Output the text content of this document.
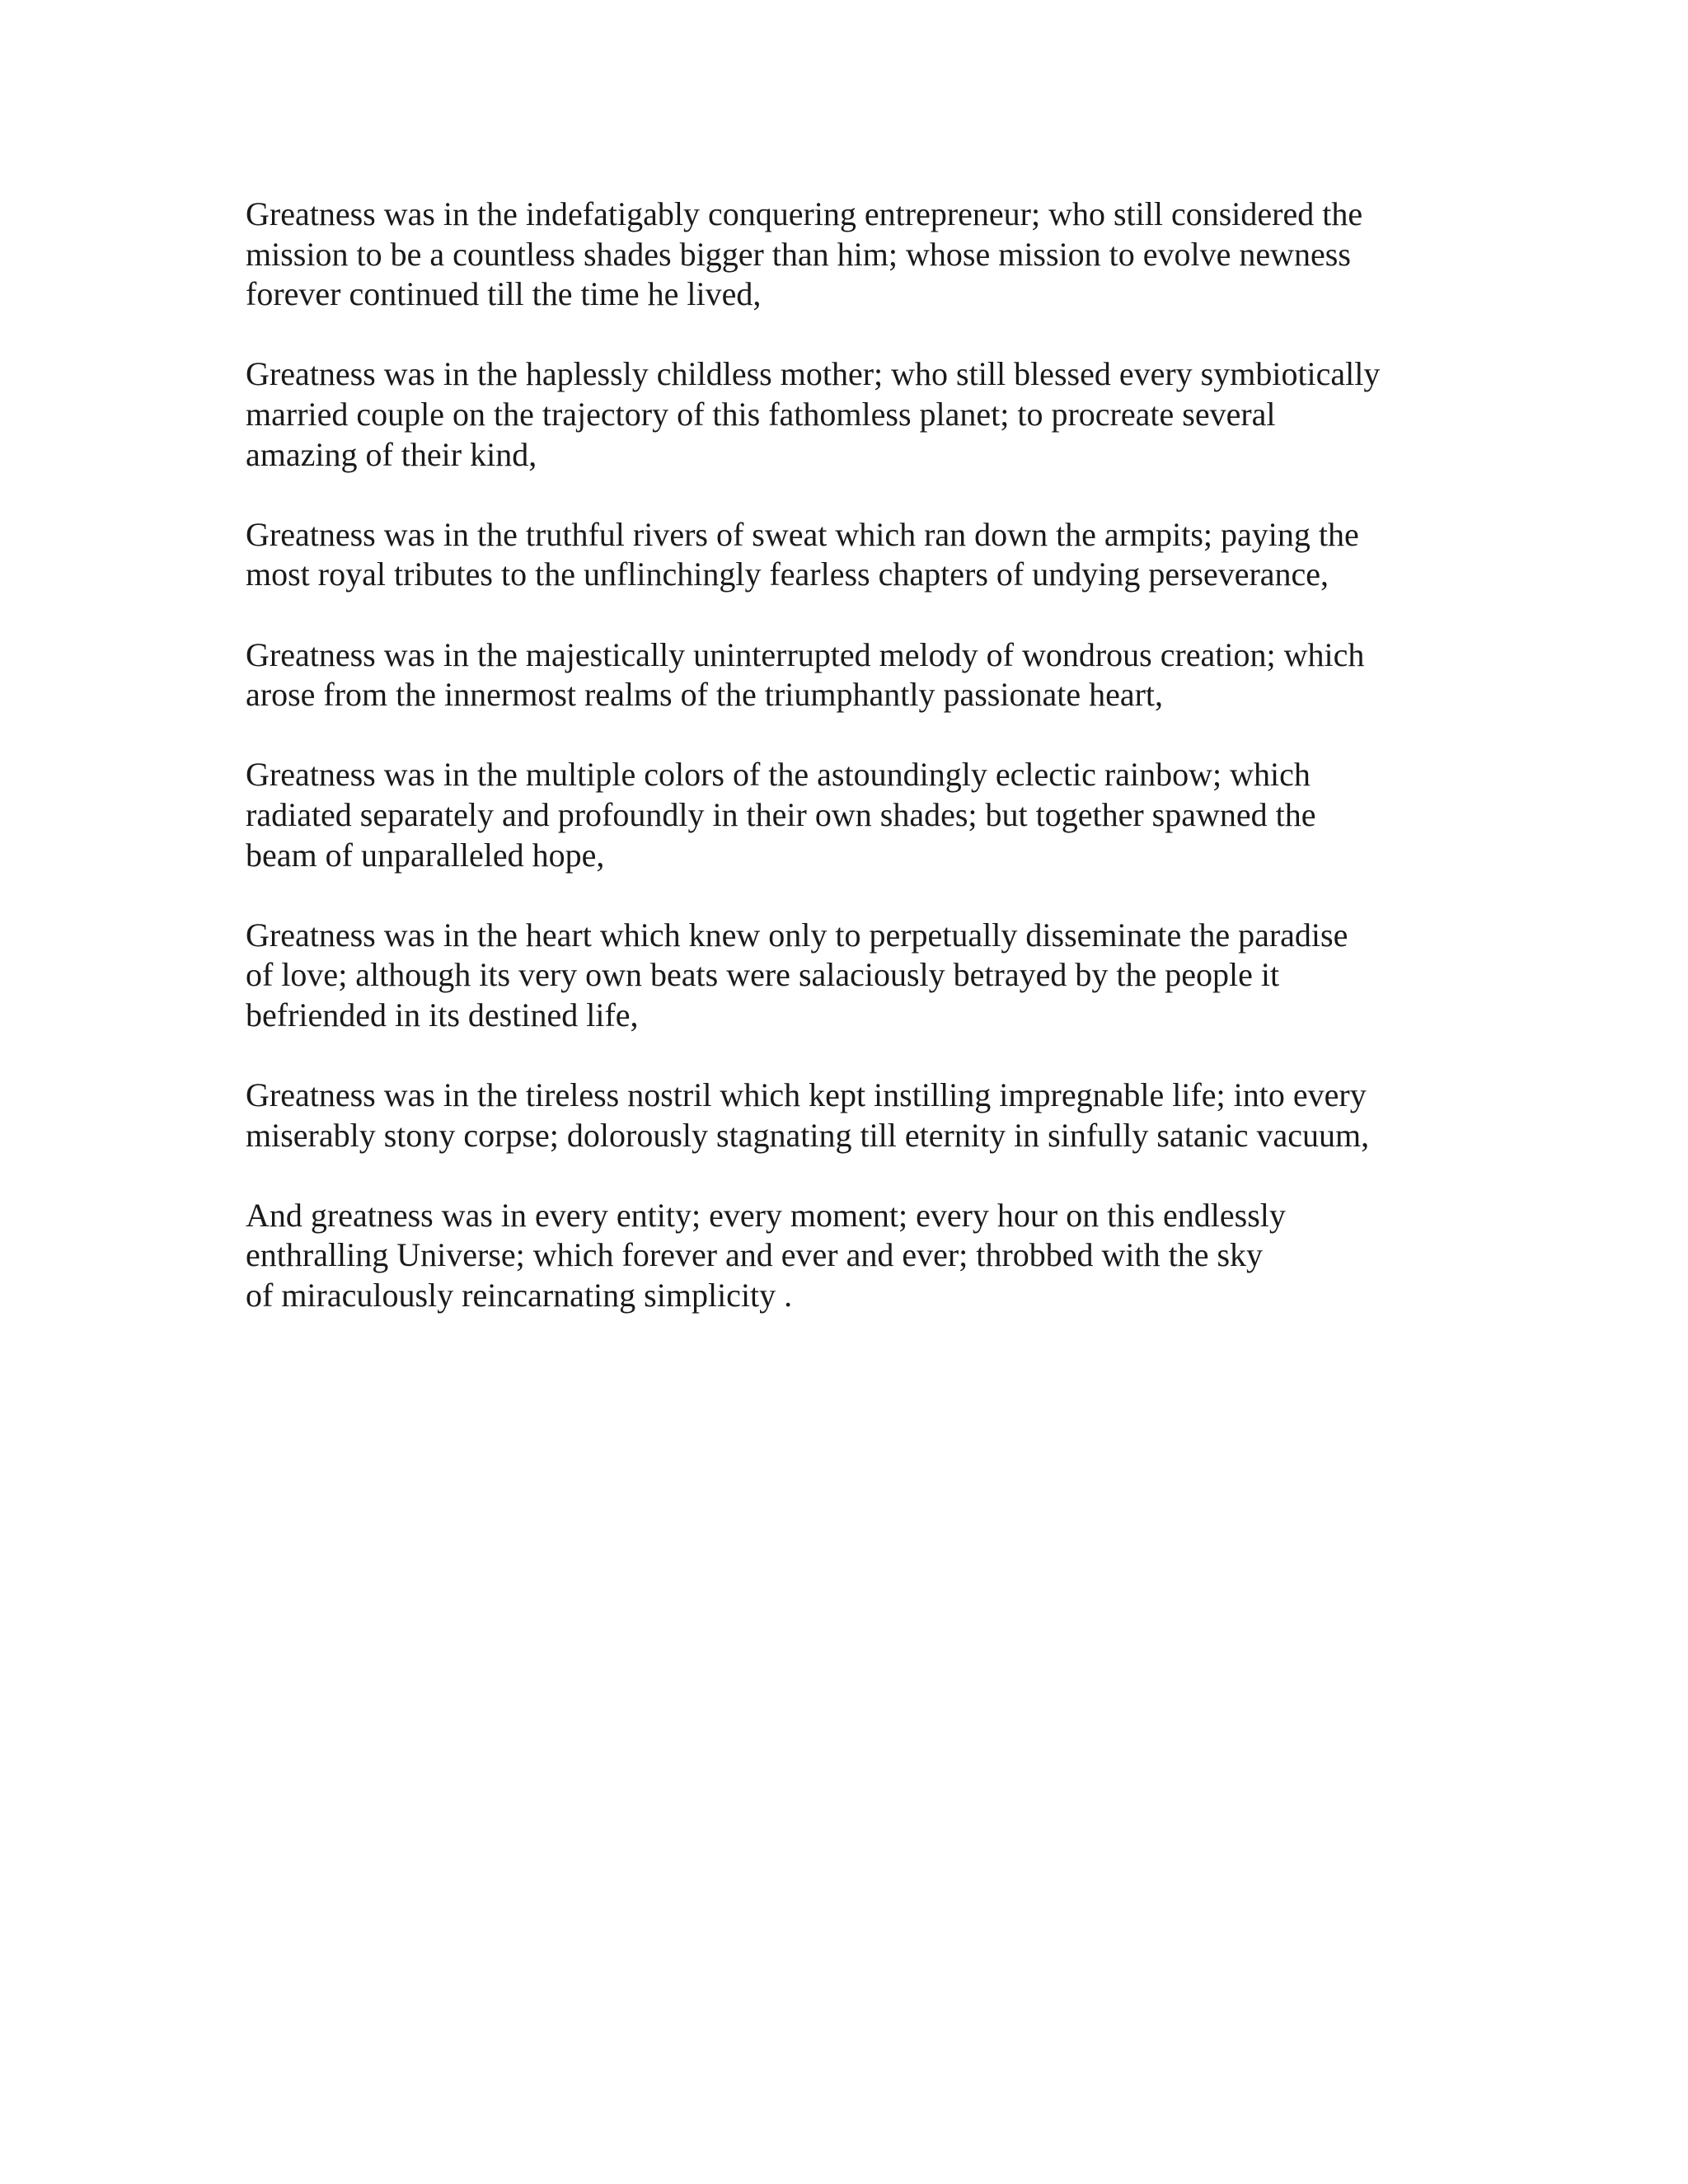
Greatness was in the indefatigably conquering entrepreneur; who still considered the
mission to be a countless shades bigger than him; whose mission to evolve newness
forever continued till the time he lived,

Greatness was in the haplessly childless mother; who still blessed every symbiotically
married couple on the trajectory of this fathomless planet; to procreate several
amazing of their kind,

Greatness was in the truthful rivers of sweat which ran down the armpits; paying the
most royal tributes to the unflinchingly fearless chapters of undying perseverance,

Greatness was in the majestically uninterrupted melody of wondrous creation; which
arose from the innermost realms of the triumphantly passionate heart,

Greatness was in the multiple colors of the astoundingly eclectic rainbow; which
radiated separately and profoundly in their own shades; but together spawned the
beam of unparalleled hope,

Greatness was in the heart which knew only to perpetually disseminate the paradise
of love; although its very own beats were salaciously betrayed by the people it
befriended in its destined life,

Greatness was in the tireless nostril which kept instilling impregnable life; into every
miserably stony corpse; dolorously stagnating till eternity in sinfully satanic vacuum,

And greatness was in every entity; every moment; every hour on this endlessly
enthralling Universe; which forever and ever and ever; throbbed with the sky
of miraculously reincarnating simplicity .
